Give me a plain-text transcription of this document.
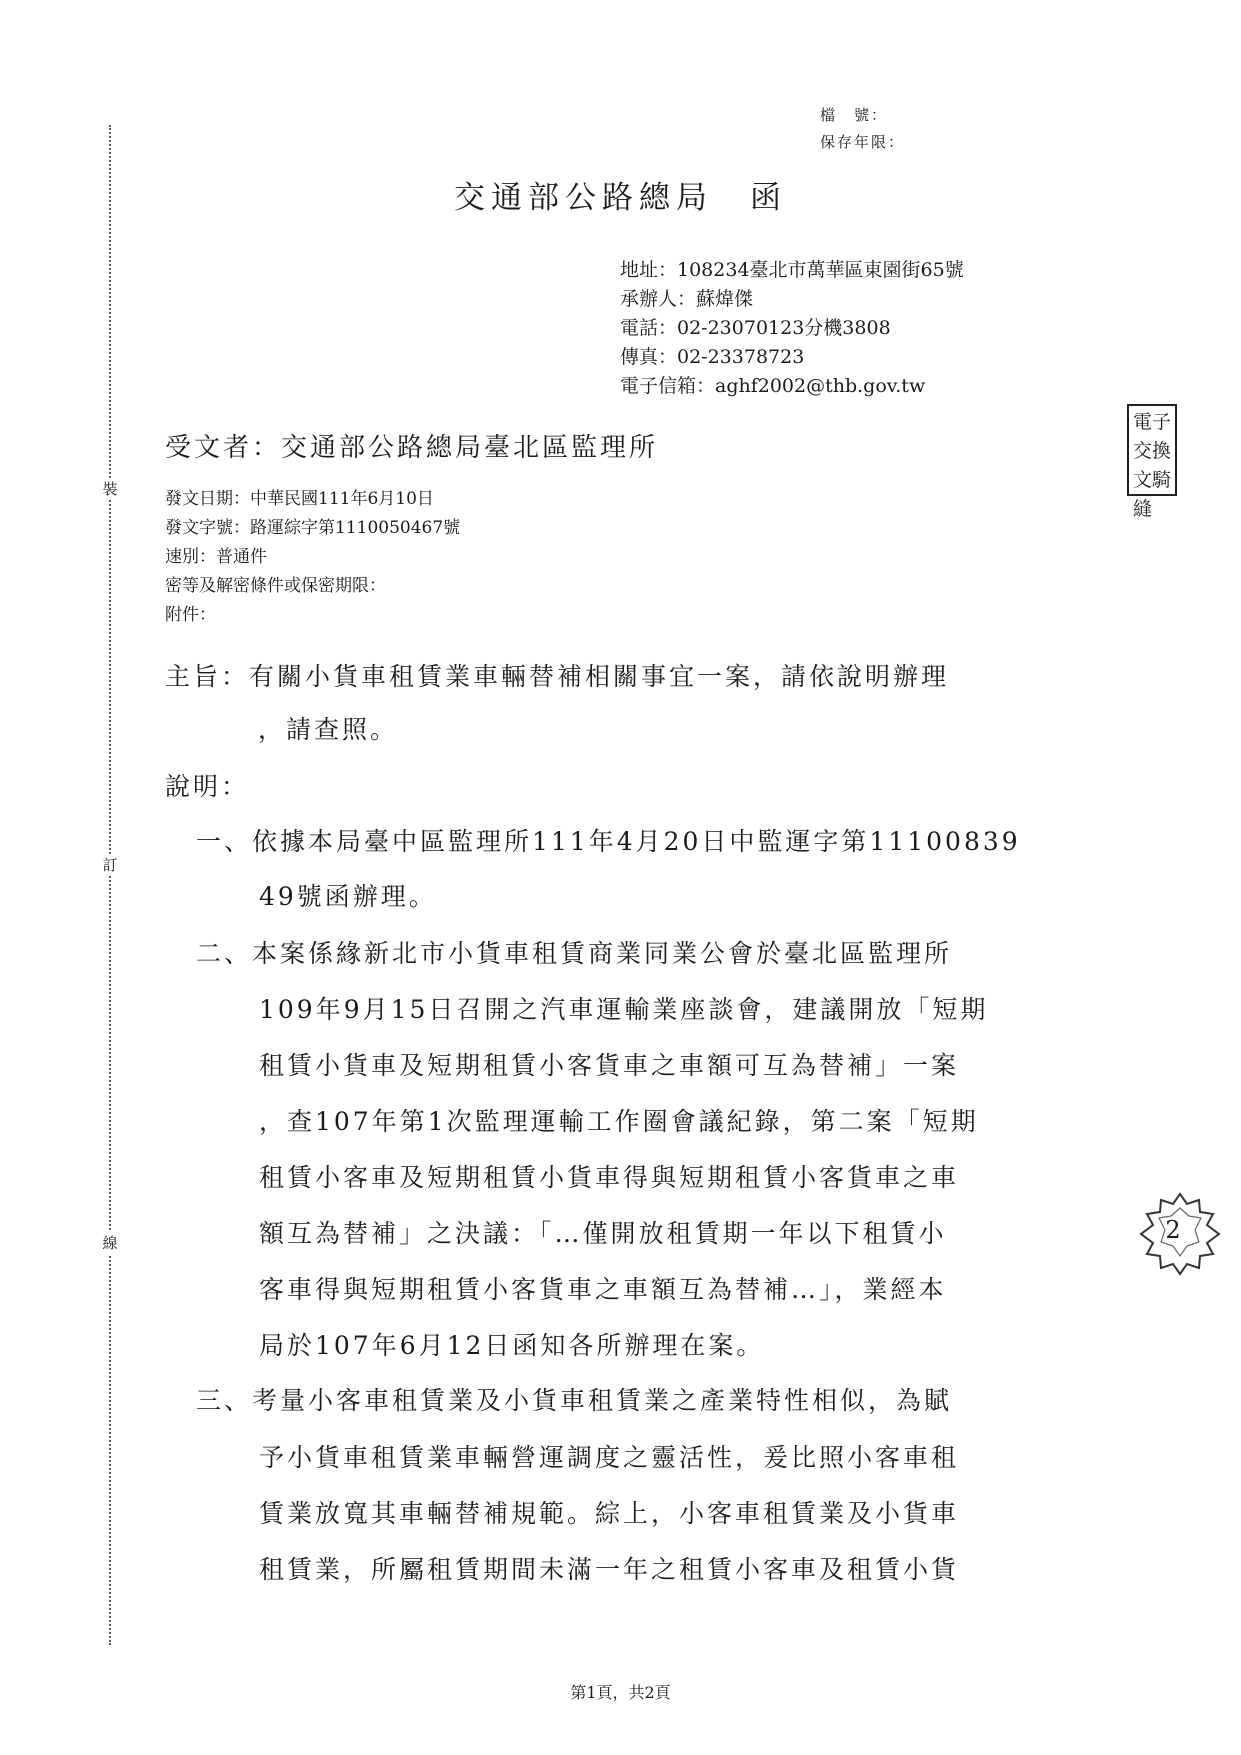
裝
訂
線
檔　號：
保存年限：
交通部公路總局　函
地址：108234臺北市萬華區東園街65號
承辦人：蘇煒傑
電話：02-23070123分機3808
傳真：02-23378723
電子信箱：aghf2002@thb.gov.tw
受文者：交通部公路總局臺北區監理所
電子交換文騎縫
發文日期：中華民國111年6月10日
發文字號：路運綜字第1110050467號
速別：普通件
密等及解密條件或保密期限：
附件：
主旨：有關小貨車租賃業車輛替補相關事宜一案，請依說明辦理
，請查照。
說明：
一、依據本局臺中區監理所111年4月20日中監運字第11100839
49號函辦理。
二、本案係緣新北市小貨車租賃商業同業公會於臺北區監理所
109年9月15日召開之汽車運輸業座談會，建議開放「短期
租賃小貨車及短期租賃小客貨車之車額可互為替補」一案
，查107年第1次監理運輸工作圈會議紀錄，第二案「短期
租賃小客車及短期租賃小貨車得與短期租賃小客貨車之車
額互為替補」之決議：「…僅開放租賃期一年以下租賃小
客車得與短期租賃小客貨車之車額互為替補…」，業經本
局於107年6月12日函知各所辦理在案。
三、考量小客車租賃業及小貨車租賃業之產業特性相似，為賦
予小貨車租賃業車輛營運調度之靈活性，爰比照小客車租
賃業放寬其車輛替補規範。綜上，小客車租賃業及小貨車
租賃業，所屬租賃期間未滿一年之租賃小客車及租賃小貨
2
第1頁，共2頁
